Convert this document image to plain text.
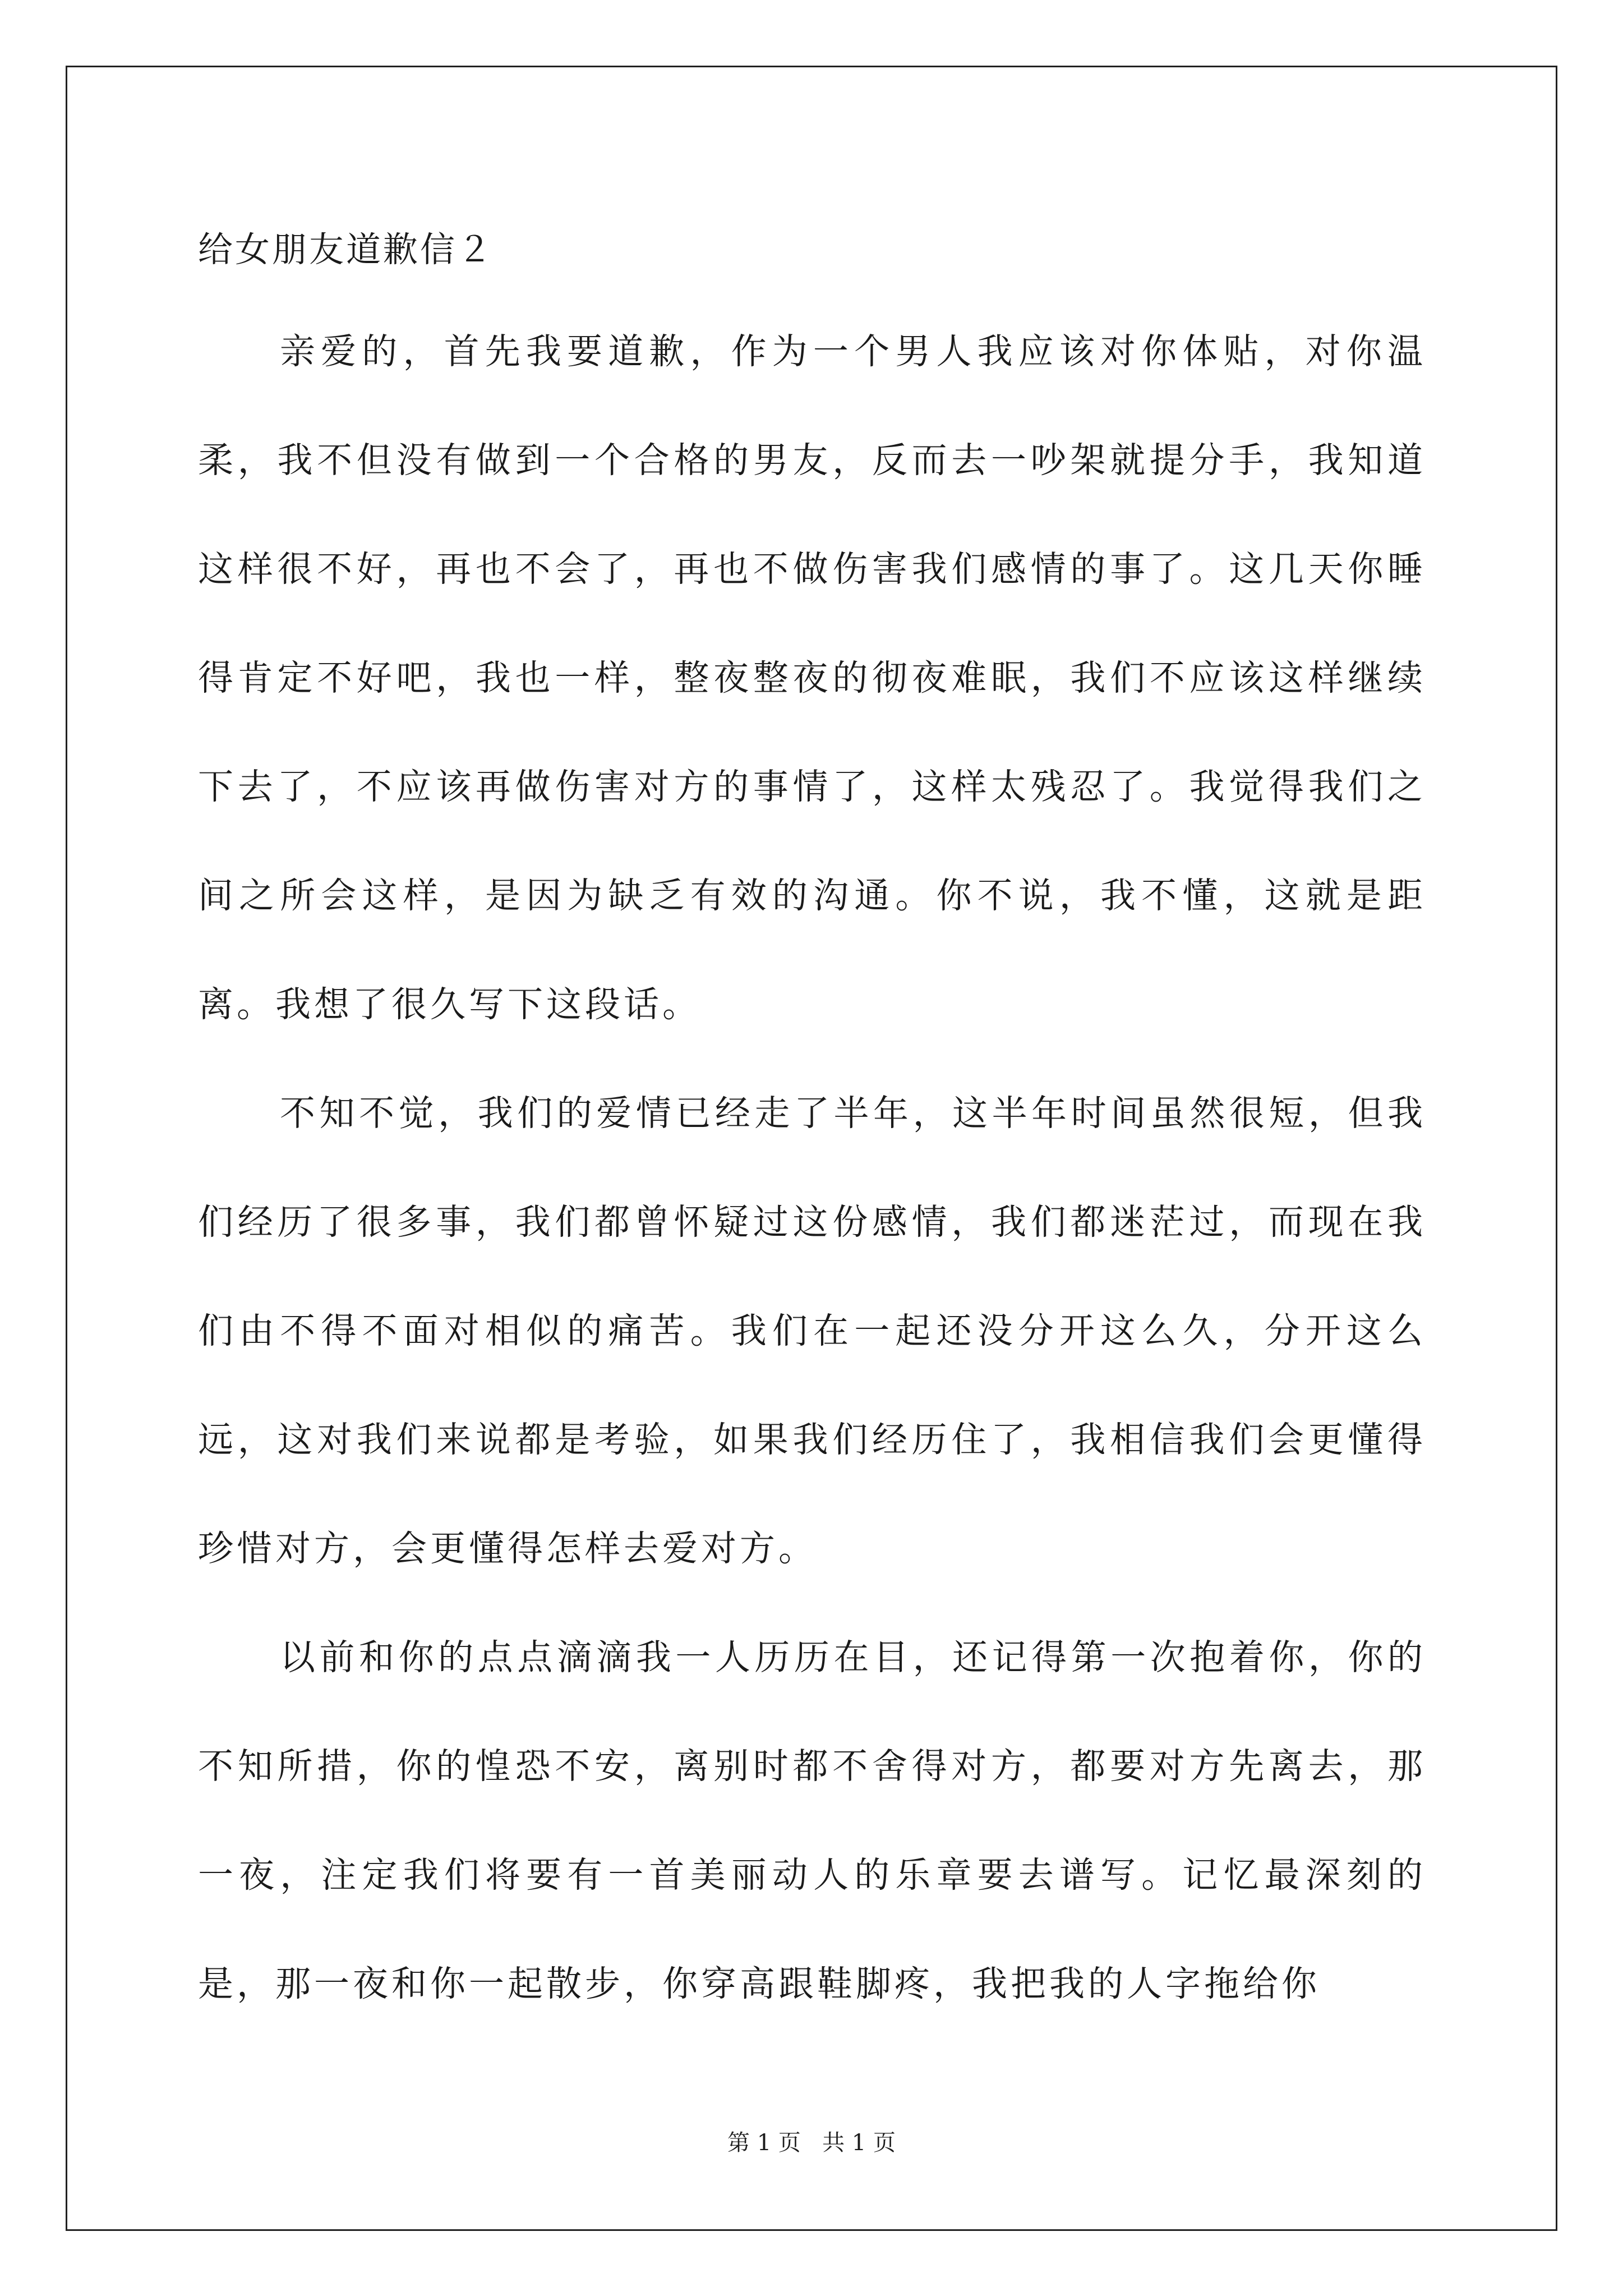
给女朋友道歉信２

亲爱的，首先我要道歉，作为一个男人我应该对你体贴，对你温柔，我不但没有做到一个合格的男友，反而去一吵架就提分手，我知道这样很不好，再也不会了，再也不做伤害我们感情的事了。这几天你睡得肯定不好吧，我也一样，整夜整夜的彻夜难眠，我们不应该这样继续下去了，不应该再做伤害对方的事情了，这样太残忍了。我觉得我们之间之所会这样，是因为缺乏有效的沟通。你不说，我不懂，这就是距离。我想了很久写下这段话。

不知不觉，我们的爱情已经走了半年，这半年时间虽然很短，但我们经历了很多事，我们都曾怀疑过这份感情，我们都迷茫过，而现在我们由不得不面对相似的痛苦。我们在一起还没分开这么久，分开这么远，这对我们来说都是考验，如果我们经历住了，我相信我们会更懂得珍惜对方，会更懂得怎样去爱对方。

以前和你的点点滴滴我一人历历在目，还记得第一次抱着你，你的不知所措，你的惶恐不安，离别时都不舍得对方，都要对方先离去，那一夜，注定我们将要有一首美丽动人的乐章要去谱写。记忆最深刻的是，那一夜和你一起散步，你穿高跟鞋脚疼，我把我的人字拖给你

第 1 页   共 1 页
